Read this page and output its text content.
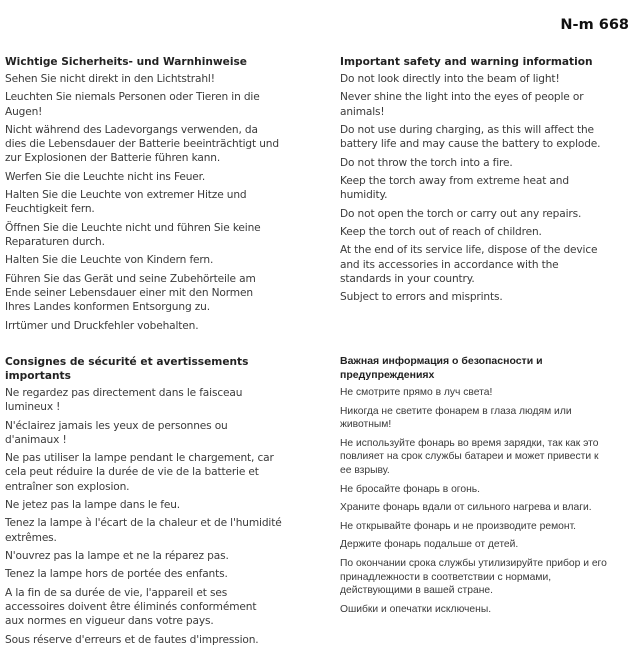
N-m 668
Wichtige Sicherheits- und Warnhinweise

Sehen Sie nicht direkt in den Lichtstrahl!

Leuchten Sie niemals Personen oder Tieren in die
Augen!

Nicht während des Ladevorgangs verwenden, da
dies die Lebensdauer der Batterie beeinträchtigt und
zur Explosionen der Batterie führen kann.

Werfen Sie die Leuchte nicht ins Feuer.

Halten Sie die Leuchte von extremer Hitze und
Feuchtigkeit fern.

Öffnen Sie die Leuchte nicht und führen Sie keine
Reparaturen durch.

Halten Sie die Leuchte von Kindern fern.

Führen Sie das Gerät und seine Zubehörteile am
Ende seiner Lebensdauer einer mit den Normen
Ihres Landes konformen Entsorgung zu.

Irrtümer und Druckfehler vobehalten.

Important safety and warning information

Do not look directly into the beam of light!

Never shine the light into the eyes of people or
animals!

Do not use during charging, as this will affect the
battery life and may cause the battery to explode.

Do not throw the torch into a fire.

Keep the torch away from extreme heat and
humidity.

Do not open the torch or carry out any repairs.

Keep the torch out of reach of children.

At the end of its service life, dispose of the device
and its accessories in accordance with the
standards in your country.

Subject to errors and misprints.

Consignes de sécurité et avertissements
importants

Ne regardez pas directement dans le faisceau
lumineux !

N'éclairez jamais les yeux de personnes ou
d'animaux !

Ne pas utiliser la lampe pendant le chargement, car
cela peut réduire la durée de vie de la batterie et
entraîner son explosion.

Ne jetez pas la lampe dans le feu.

Tenez la lampe à l'écart de la chaleur et de l'humidité
extrêmes.

N'ouvrez pas la lampe et ne la réparez pas.

Tenez la lampe hors de portée des enfants.

A la fin de sa durée de vie, l'appareil et ses
accessoires doivent être éliminés conformément
aux normes en vigueur dans votre pays.

Sous réserve d'erreurs et de fautes d'impression.

Важная информация о безопасности и
предупреждениях

Не смотрите прямо в луч света!

Никогда не светите фонарем в глаза людям или
животным!

Не используйте фонарь во время зарядки, так как это
повлияет на срок службы батареи и может привести к
ее взрыву.

Не бросайте фонарь в огонь.

Храните фонарь вдали от сильного нагрева и влаги.

Не открывайте фонарь и не производите ремонт.

Держите фонарь подальше от детей.

По окончании срока службы утилизируйте прибор и его
принадлежности в соответствии с нормами,
действующими в вашей стране.

Ошибки и опечатки исключены.
